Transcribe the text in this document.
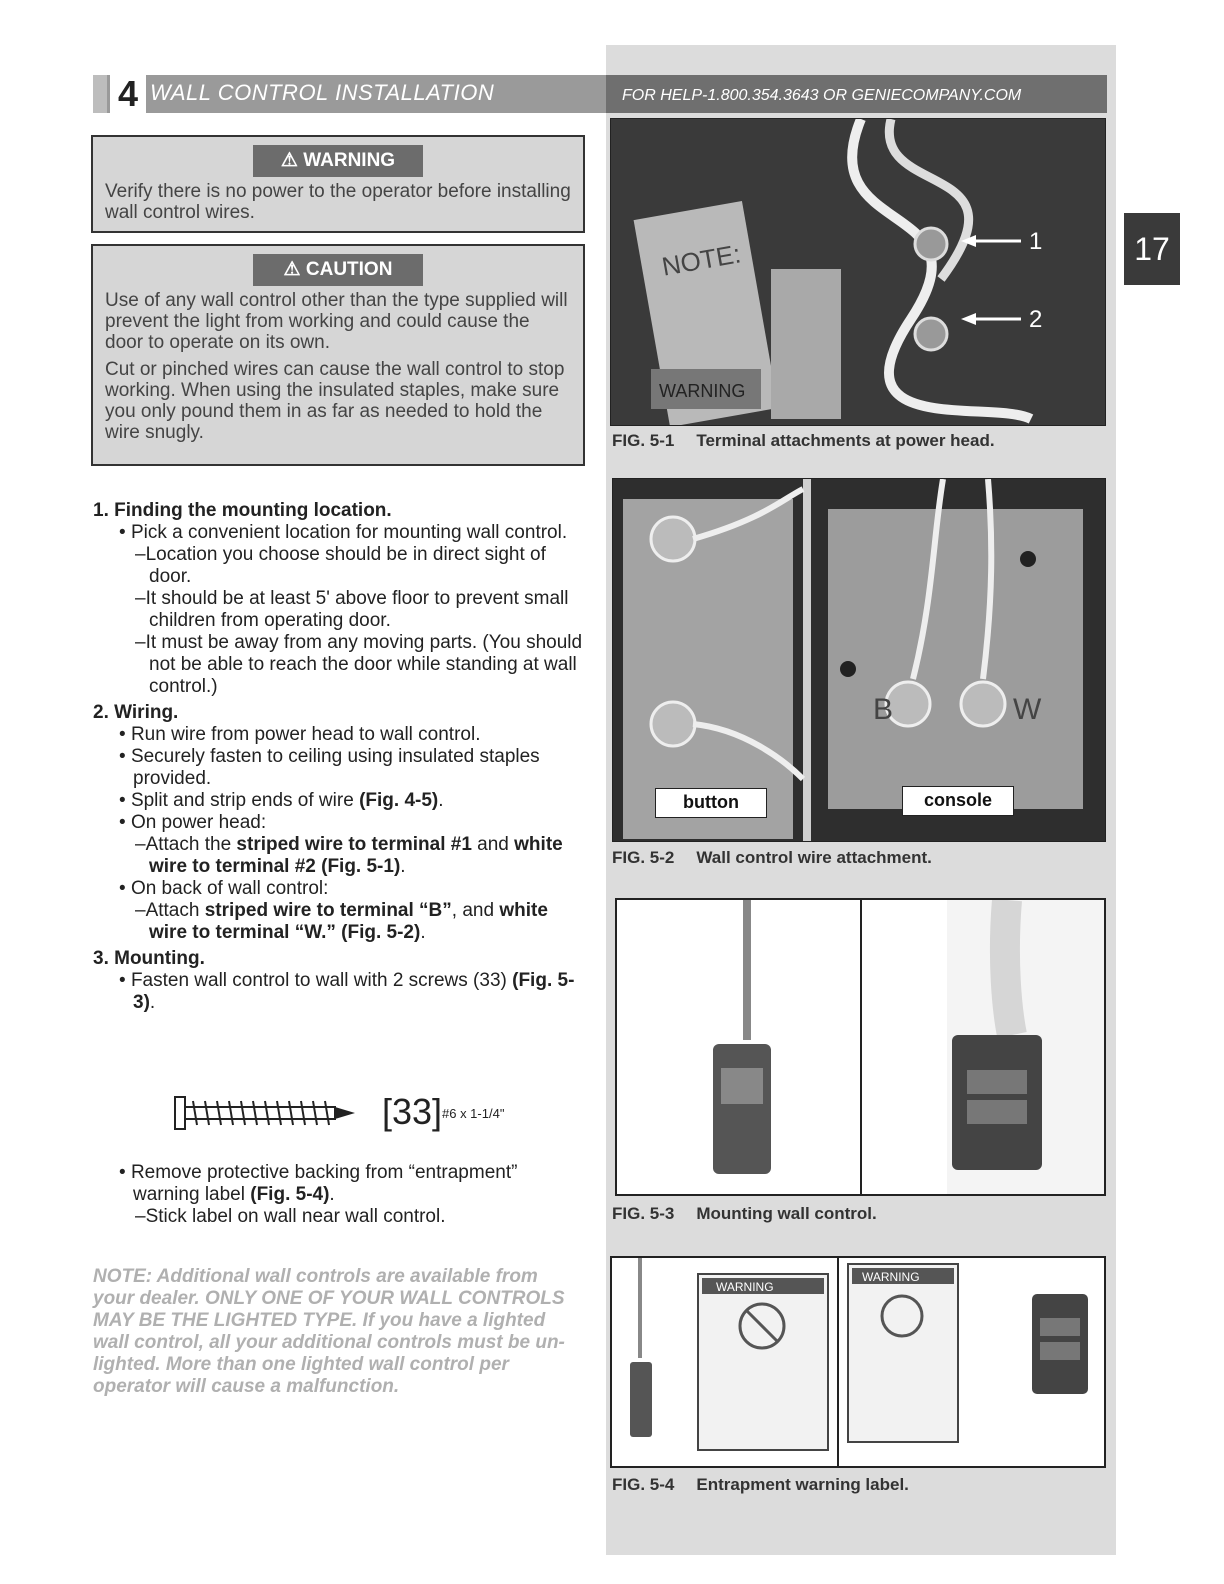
4 WALL CONTROL INSTALLATION	FOR HELP-1.800.354.3643 OR GENIECOMPANY.COM
17
⚠ WARNING
Verify there is no power to the operator before installing wall control wires.
⚠ CAUTION
Use of any wall control other than the type supplied will prevent the light from working and could cause the door to operate on its own.
Cut or pinched wires can cause the wall control to stop working. When using the insulated staples, make sure you only pound them in as far as needed to hold the wire snugly.
1. Finding the mounting location.
• Pick a convenient location for mounting wall control.
–Location you choose should be in direct sight of door.
–It should be at least 5' above floor to prevent small children from operating door.
–It must be away from any moving parts. (You should not be able to reach the door while standing at wall control.)
2. Wiring.
• Run wire from power head to wall control.
• Securely fasten to ceiling using insulated staples provided.
• Split and strip ends of wire (Fig. 4-5).
• On power head:
–Attach the striped wire to terminal #1 and white wire to terminal #2 (Fig. 5-1).
• On back of wall control:
–Attach striped wire to terminal “B”, and white wire to terminal “W.” (Fig. 5-2).
3. Mounting.
• Fasten wall control to wall with 2 screws (33) (Fig. 5-3).
[33] #6 x 1-1/4"
• Remove protective backing from “entrapment” warning label (Fig. 5-4).
–Stick label on wall near wall control.
NOTE: Additional wall controls are available from your dealer. ONLY ONE OF YOUR WALL CONTROLS MAY BE THE LIGHTED TYPE. If you have a lighted wall control, all your additional controls must be un-lighted. More than one lighted wall control per operator will cause a malfunction.
NOTE:
WARNING
1
2
FIG. 5-1 Terminal attachments at power head.
B	W
button	console
FIG. 5-2 Wall control wire attachment.
FIG. 5-3 Mounting wall control.
WARNING
WARNING
FIG. 5-4 Entrapment warning label.
